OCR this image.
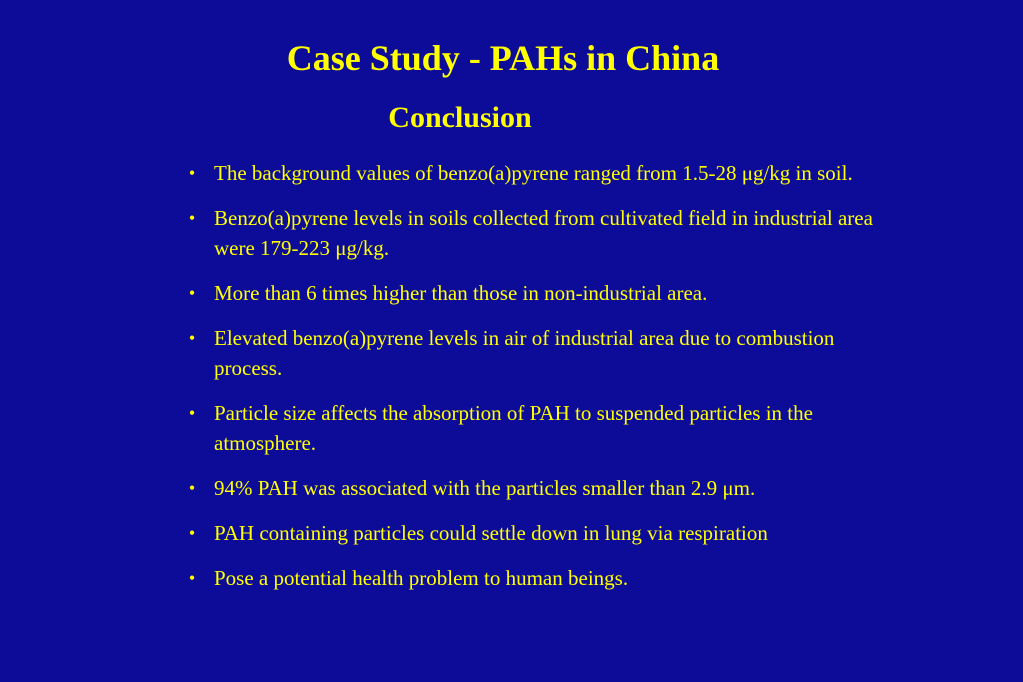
Case Study - PAHs in China
Conclusion
• The background values of benzo(a)pyrene ranged from 1.5-28 μg/kg in soil.
• Benzo(a)pyrene levels in soils collected from cultivated field in industrial area were 179-223 μg/kg.
• More than 6 times higher than those in non-industrial area.
• Elevated benzo(a)pyrene levels in air of industrial area due to combustion   process.
• Particle size affects the absorption of PAH to suspended particles in the  atmosphere.
• 94% PAH was associated with the particles smaller than 2.9 μm.
• PAH containing particles could settle down in lung via respiration
• Pose a potential health problem to human beings.
